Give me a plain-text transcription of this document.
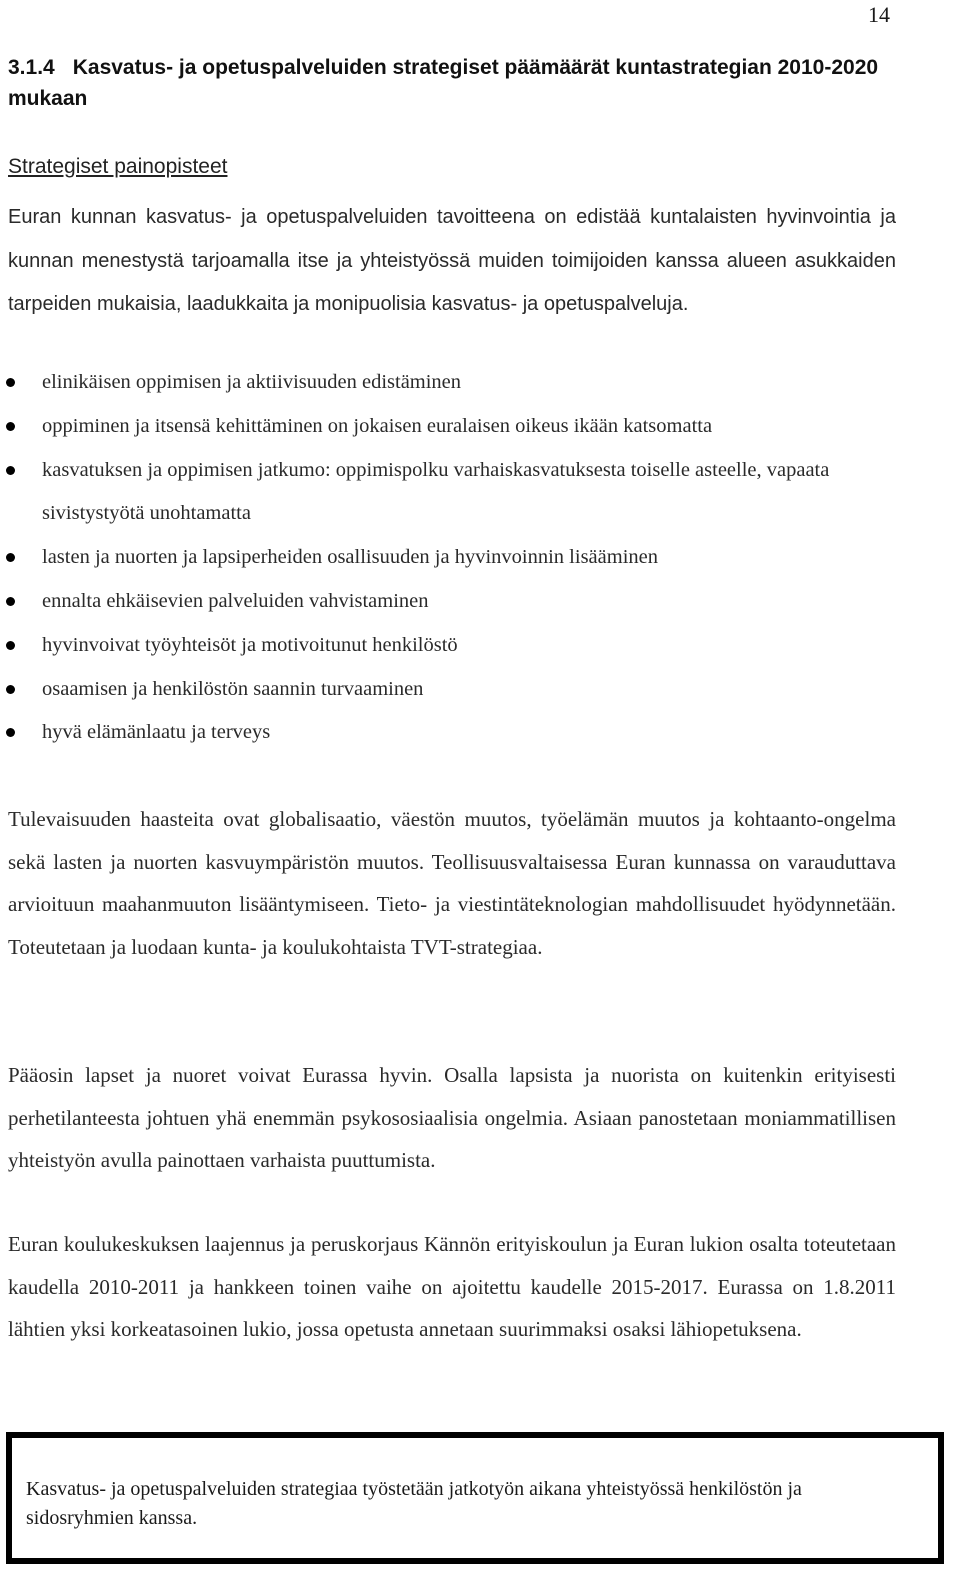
14
3.1.4 Kasvatus- ja opetuspalveluiden strategiset päämäärät kuntastrategian 2010-2020 mukaan
Strategiset painopisteet

Euran kunnan kasvatus- ja opetuspalveluiden tavoitteena on edistää kuntalaisten hyvinvointia ja kunnan menestystä tarjoamalla itse ja yhteistyössä muiden toimijoiden kanssa alueen asukkaiden tarpeiden mukaisia, laadukkaita ja monipuolisia kasvatus- ja opetuspalveluja.

elinikäisen oppimisen ja aktiivisuuden edistäminen
oppiminen ja itsensä kehittäminen on jokaisen euralaisen oikeus ikään katsomatta
kasvatuksen ja oppimisen jatkumo: oppimispolku varhaiskasvatuksesta toiselle asteelle, vapaata sivistystyötä unohtamatta
lasten ja nuorten ja lapsiperheiden osallisuuden ja hyvinvoinnin lisääminen
ennalta ehkäisevien palveluiden vahvistaminen
hyvinvoivat työyhteisöt ja motivoitunut henkilöstö
osaamisen ja henkilöstön saannin turvaaminen
hyvä elämänlaatu ja terveys

Tulevaisuuden haasteita ovat globalisaatio, väestön muutos, työelämän muutos ja kohtaanto-ongelma sekä lasten ja nuorten kasvuympäristön muutos. Teollisuusvaltaisessa Euran kunnassa on varauduttava arvioituun maahanmuuton lisääntymiseen. Tieto- ja viestintäteknologian mahdollisuudet hyödynnetään. Toteutetaan ja luodaan kunta- ja koulukohtaista TVT-strategiaa.

Pääosin lapset ja nuoret voivat Eurassa hyvin. Osalla lapsista ja nuorista on kuitenkin erityisesti perhetilanteesta johtuen yhä enemmän psykososiaalisia ongelmia. Asiaan panostetaan moniammatillisen yhteistyön avulla painottaen varhaista puuttumista.

Euran koulukeskuksen laajennus ja peruskorjaus Kännön erityiskoulun ja Euran lukion osalta toteutetaan kaudella 2010-2011 ja hankkeen toinen vaihe on ajoitettu kaudelle 2015-2017. Eurassa on 1.8.2011 lähtien yksi korkeatasoinen lukio, jossa opetusta annetaan suurimmaksi osaksi lähiopetuksena.

Kasvatus- ja opetuspalveluiden strategiaa työstetään jatkotyön aikana yhteistyössä henkilöstön ja sidosryhmien kanssa.
